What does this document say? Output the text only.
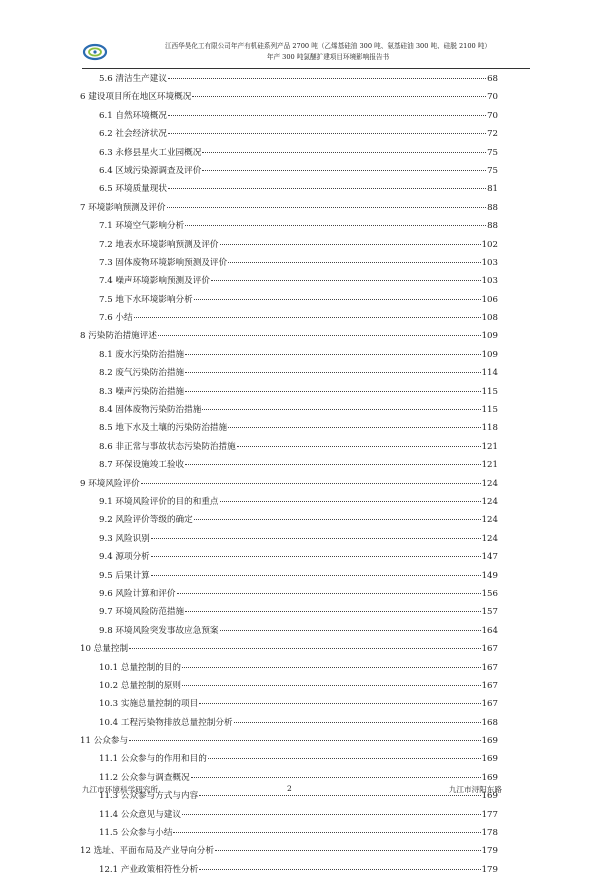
江西华昊化工有限公司年产有机硅系列产品 2700 吨（乙烯基硅油 300 吨、氨基硅油 300 吨、硅脱 2100 吨）
年产 300 吨氯醚扩建项目环境影响报告书
5.6 清洁生产建议	68
6 建设项目所在地区环境概况	70
6.1 自然环境概况	70
6.2 社会经济状况	72
6.3 永修县星火工业园概况	75
6.4 区域污染源调查及评价	75
6.5 环境质量现状	81
7 环境影响预测及评价	88
7.1 环境空气影响分析	88
7.2 地表水环境影响预测及评价	102
7.3 固体废物环境影响预测及评价	103
7.4 噪声环境影响预测及评价	103
7.5 地下水环境影响分析	106
7.6 小结	108
8 污染防治措施评述	109
8.1 废水污染防治措施	109
8.2 废气污染防治措施	114
8.3 噪声污染防治措施	115
8.4 固体废物污染防治措施	115
8.5 地下水及土壤的污染防治措施	118
8.6 非正常与事故状态污染防治措施	121
8.7 环保设施竣工验收	121
9 环境风险评价	124
9.1 环境风险评价的目的和重点	124
9.2 风险评价等级的确定	124
9.3 风险识别	124
9.4 源项分析	147
9.5 后果计算	149
9.6 风险计算和评价	156
9.7 环境风险防范措施	157
9.8 环境风险突发事故应急预案	164
10 总量控制	167
10.1 总量控制的目的	167
10.2 总量控制的原则	167
10.3 实施总量控制的项目	167
10.4 工程污染物排放总量控制分析	168
11 公众参与	169
11.1 公众参与的作用和目的	169
11.2 公众参与调查概况	169
11.3 公众参与方式与内容	169
11.4 公众意见与建议	177
11.5 公众参与小结	178
12 选址、平面布局及产业导向分析	179
12.1 产业政策相符性分析	179
九江市环境科学研究所	2	九江市浔阳东路
